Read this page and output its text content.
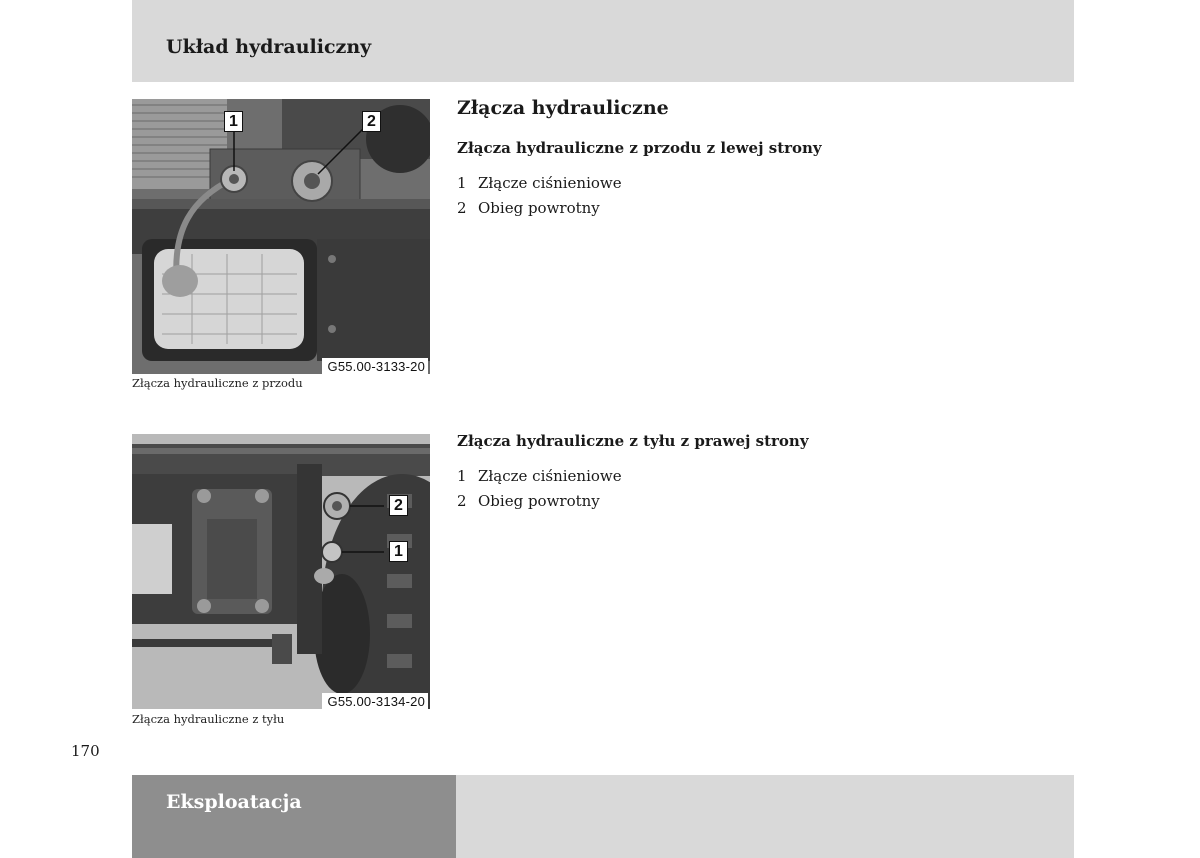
Układ hydrauliczny
1	2
G55.00-3133-20
Złącza hydrauliczne z przodu
2
1
G55.00-3134-20
Złącza hydrauliczne z tyłu
Złącza hydrauliczne
Złącza hydrauliczne z przodu z lewej strony
1 Złącze ciśnieniowe
2 Obieg powrotny
Złącza hydrauliczne z tyłu z prawej strony
1 Złącze ciśnieniowe
2 Obieg powrotny
170
Eksploatacja
